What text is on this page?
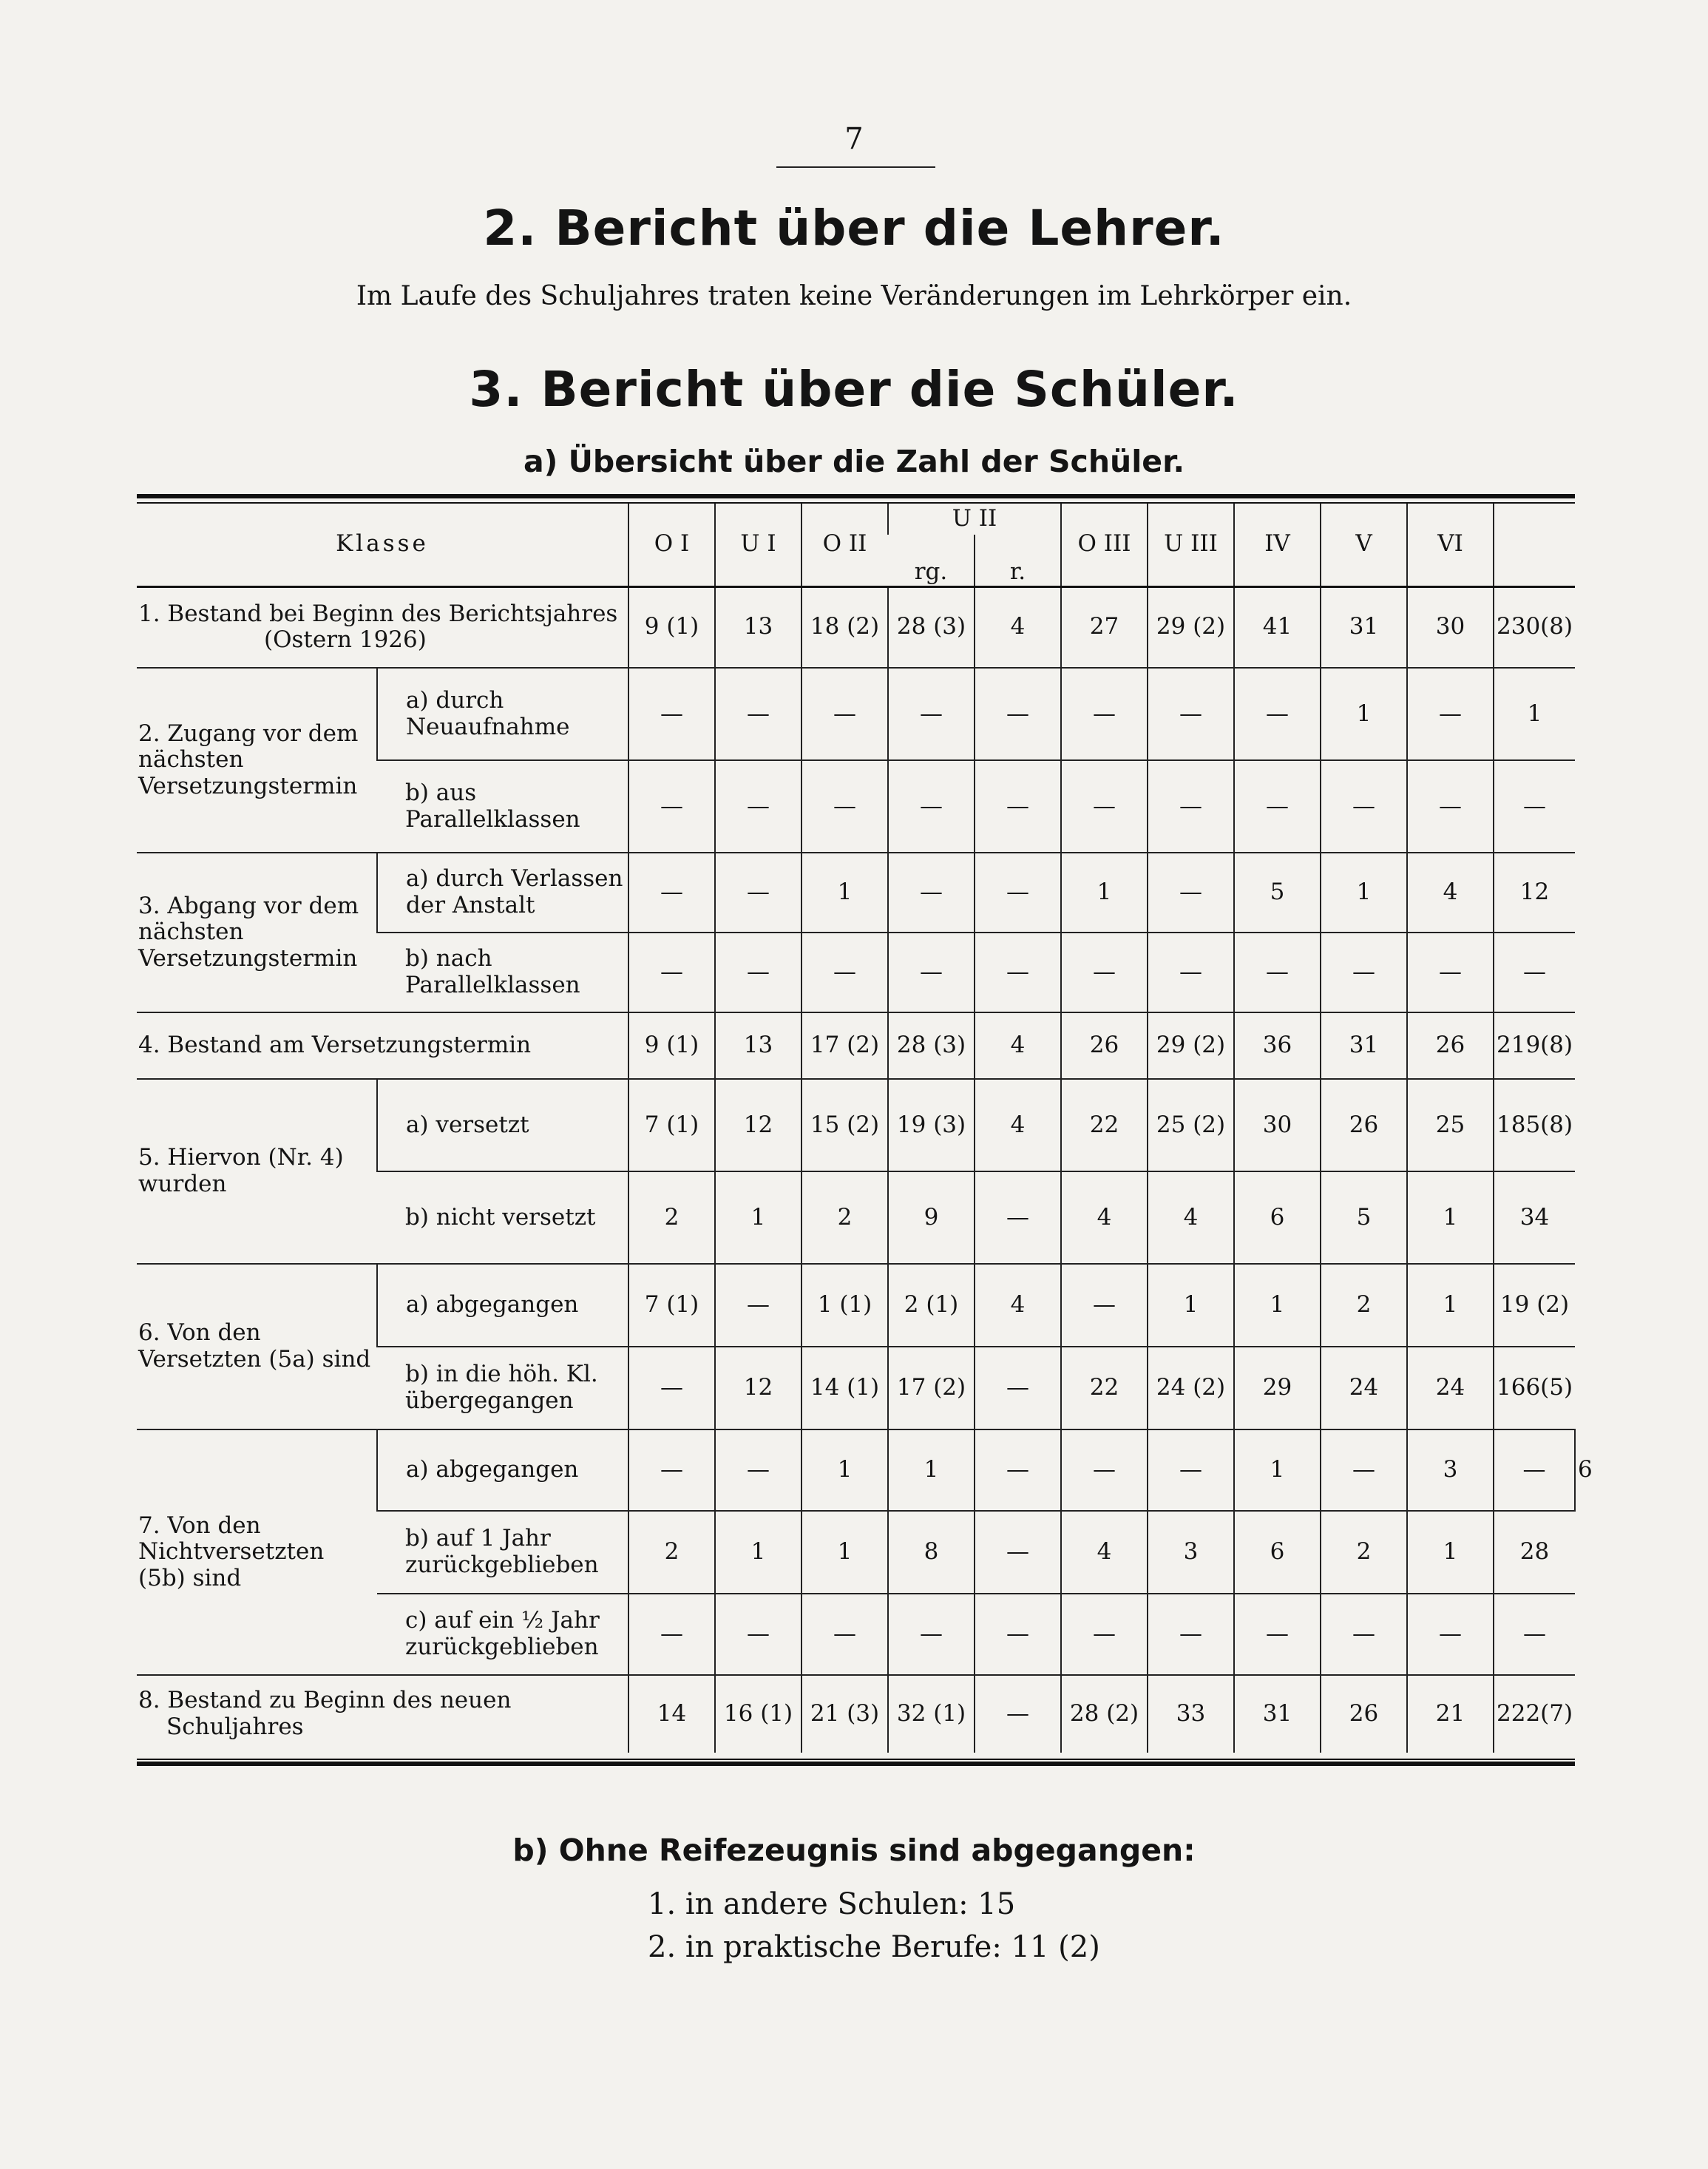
7
2. Bericht über die Lehrer.
Im Laufe des Schuljahres traten keine Veränderungen im Lehrkörper ein.
3. Bericht über die Schüler.
a) Übersicht über die Zahl der Schüler.
Klasse		O I	U I	O II	U II		O III	U III	IV	V	VI		
					rg.	r.							

1. Bestand bei Beginn des Berichtsjahres
(Ostern 1926)		9 (1)	13	18 (2)	28 (3)	4	27	29 (2)	41	31	30	230(8)	
2. Zugang vor dem nächsten Versetzungstermin	a) durch Neuaufnahme	—	—	—	—	—	—	—	—	1	—	1	
	b) aus Parallelklassen	—	—	—	—	—	—	—	—	—	—	—	
3. Abgang vor dem nächsten Versetzungstermin	a) durch Verlassen der Anstalt	—	—	1	—	—	1	—	5	1	4	12	
	b) nach Parallelklassen	—	—	—	—	—	—	—	—	—	—	—	

4. Bestand am Versetzungstermin		9 (1)	13	17 (2)	28 (3)	4	26	29 (2)	36	31	26	219(8)	
5. Hiervon (Nr. 4) wurden	a) versetzt	7 (1)	12	15 (2)	19 (3)	4	22	25 (2)	30	26	25	185(8)	
	b) nicht versetzt	2	1	2	9	—	4	4	6	5	1	34	
6. Von den Versetzten (5a) sind	a) abgegangen	7 (1)	—	1 (1)	2 (1)	4	—	1	1	2	1	19 (2)	
	b) in die höh. Kl. übergegangen	—	12	14 (1)	17 (2)	—	22	24 (2)	29	24	24	166(5)	
7. Von den Nichtversetzten (5b) sind	a) abgegangen	—	—	1	1	—	—	—	1	—	3	—	6
	b) auf 1 Jahr zurückgeblieben	2	1	1	8	—	4	3	6	2	1	28	
	c) auf ein ½ Jahr zurückgeblieben	—	—	—	—	—	—	—	—	—	—	—	

8. Bestand zu Beginn des neuen
Schuljahres		14	16 (1)	21 (3)	32 (1)	—	28 (2)	33	31	26	21	222(7)	
b) Ohne Reifezeugnis sind abgegangen:
1. in andere Schulen: 15
2. in praktische Berufe: 11 (2)
